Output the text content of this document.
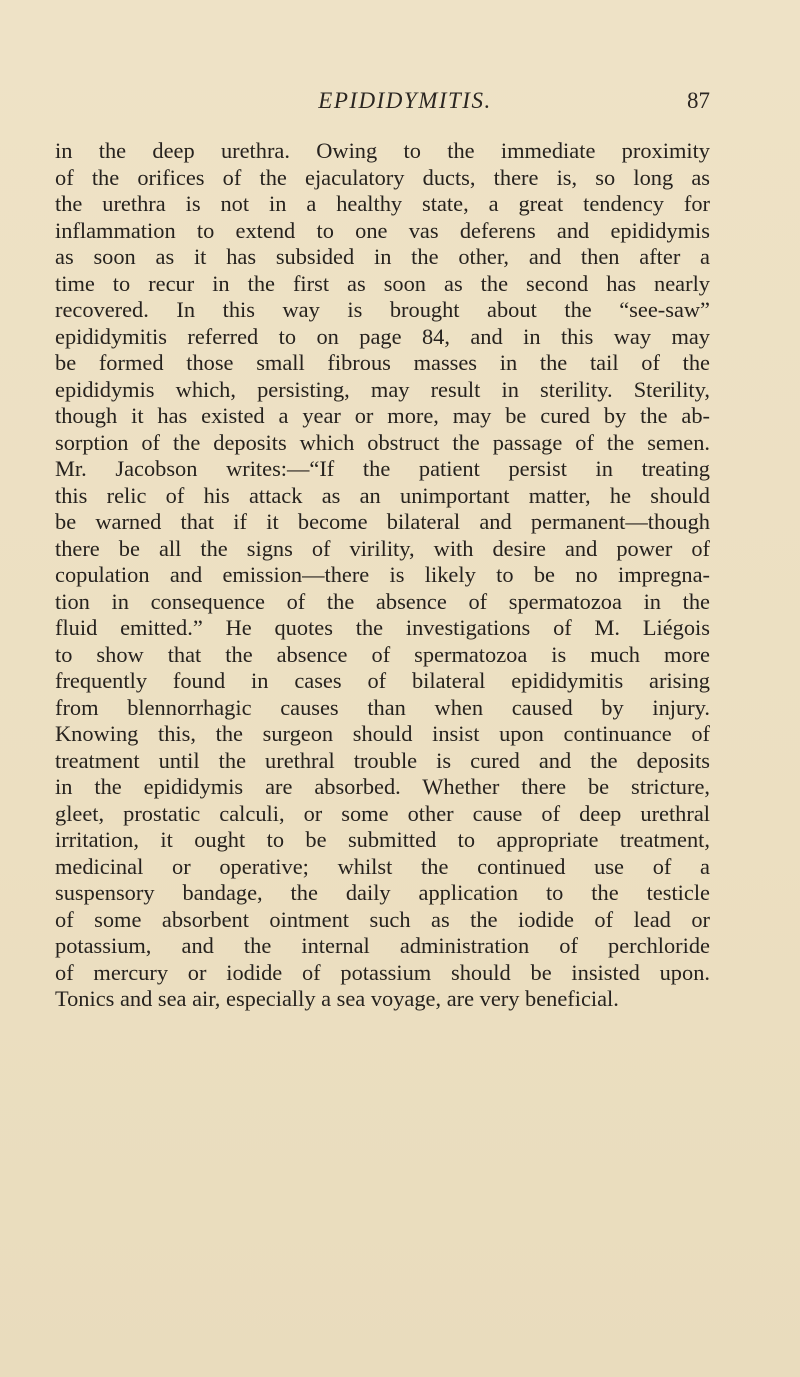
EPIDIDYMITIS.	87
in the deep urethra. Owing to the immediate proximity
of the orifices of the ejaculatory ducts, there is, so long as
the urethra is not in a healthy state, a great tendency for
inflammation to extend to one vas deferens and epididymis
as soon as it has subsided in the other, and then after a
time to recur in the first as soon as the second has nearly
recovered. In this way is brought about the “see-saw”
epididymitis referred to on page 84, and in this way may
be formed those small fibrous masses in the tail of the
epididymis which, persisting, may result in sterility. Sterility,
though it has existed a year or more, may be cured by the ab-
sorption of the deposits which obstruct the passage of the semen.
Mr. Jacobson writes:—“If the patient persist in treating
this relic of his attack as an unimportant matter, he should
be warned that if it become bilateral and permanent—though
there be all the signs of virility, with desire and power of
copulation and emission—there is likely to be no impregna-
tion in consequence of the absence of spermatozoa in the
fluid emitted.” He quotes the investigations of M. Liégois
to show that the absence of spermatozoa is much more
frequently found in cases of bilateral epididymitis arising
from blennorrhagic causes than when caused by injury.
Knowing this, the surgeon should insist upon continuance of
treatment until the urethral trouble is cured and the deposits
in the epididymis are absorbed. Whether there be stricture,
gleet, prostatic calculi, or some other cause of deep urethral
irritation, it ought to be submitted to appropriate treatment,
medicinal or operative; whilst the continued use of a
suspensory bandage, the daily application to the testicle
of some absorbent ointment such as the iodide of lead or
potassium, and the internal administration of perchloride
of mercury or iodide of potassium should be insisted upon.
Tonics and sea air, especially a sea voyage, are very beneficial.
